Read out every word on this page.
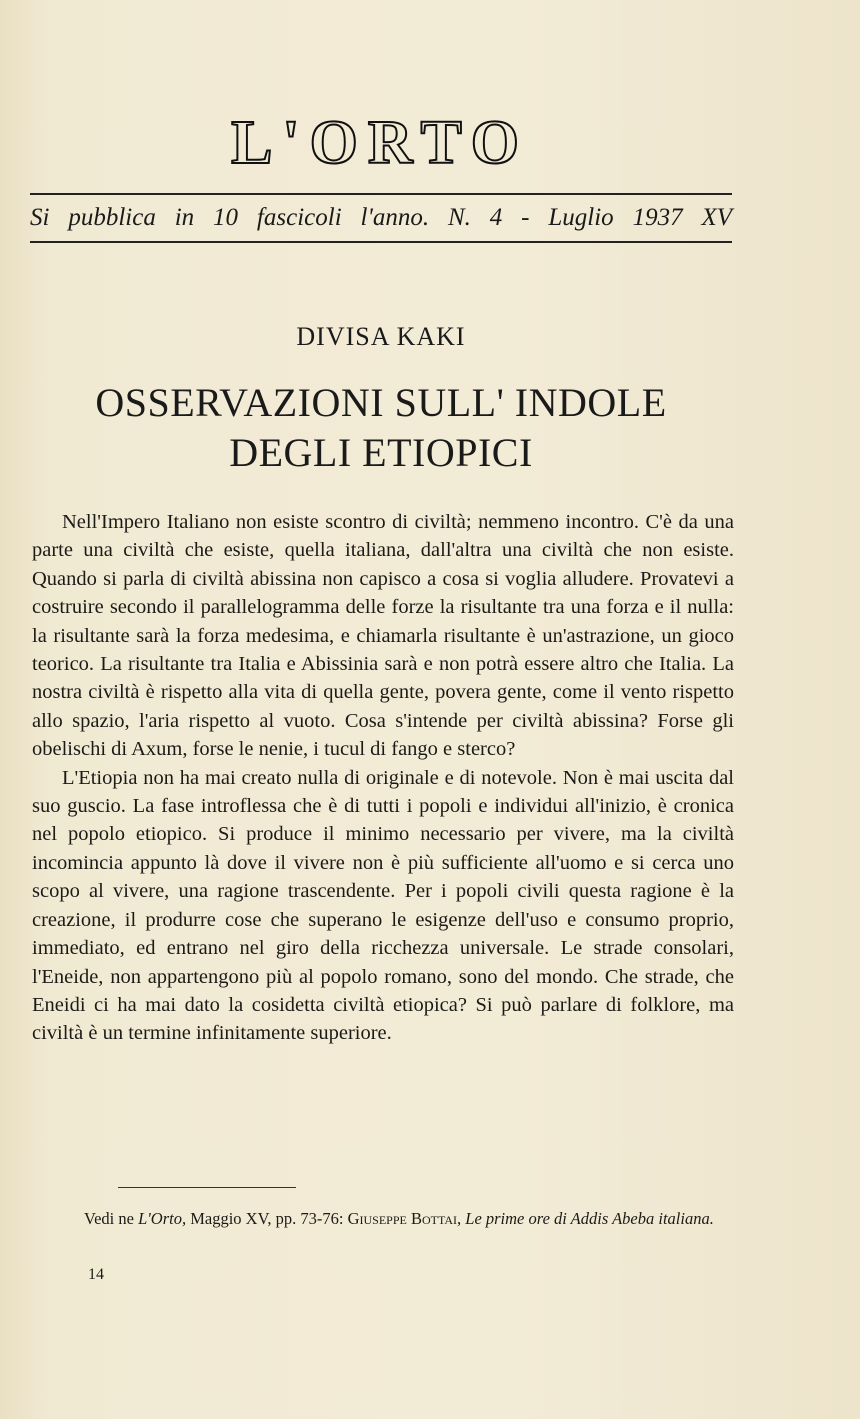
L'ORTO
Si pubblica in 10 fascicoli l'anno. N. 4 - Luglio 1937 XV
DIVISA KAKI
OSSERVAZIONI SULL' INDOLE
DEGLI ETIOPICI

Nell'Impero Italiano non esiste scontro di civiltà; nemmeno incontro. C'è da una parte una civiltà che esiste, quella italiana, dall'altra una civiltà che non esiste. Quando si parla di civiltà abissina non capisco a cosa si voglia alludere. Provatevi a costruire secondo il parallelogramma delle forze la risultante tra una forza e il nulla: la risultante sarà la forza medesima, e chiamarla risultante è un'astrazione, un gioco teorico. La risultante tra Italia e Abissinia sarà e non potrà essere altro che Italia. La nostra civiltà è rispetto alla vita di quella gente, povera gente, come il vento rispetto allo spazio, l'aria rispetto al vuoto. Cosa s'intende per civiltà abissina? Forse gli obelischi di Axum, forse le nenie, i tucul di fango e sterco?

L'Etiopia non ha mai creato nulla di originale e di notevole. Non è mai uscita dal suo guscio. La fase introflessa che è di tutti i popoli e individui all'inizio, è cronica nel popolo etiopico. Si produce il minimo necessario per vivere, ma la civiltà incomincia appunto là dove il vivere non è più sufficiente all'uomo e si cerca uno scopo al vivere, una ragione trascendente. Per i popoli civili questa ragione è la creazione, il produrre cose che superano le esigenze dell'uso e consumo proprio, immediato, ed entrano nel giro della ricchezza universale. Le strade consolari, l'Eneide, non appartengono più al popolo romano, sono del mondo. Che strade, che Eneidi ci ha mai dato la cosidetta civiltà etiopica? Si può parlare di folklore, ma civiltà è un termine infinitamente superiore.

Vedi ne L'Orto, Maggio XV, pp. 73-76: Giuseppe Bottai, Le prime ore di Addis Abeba italiana.
14
